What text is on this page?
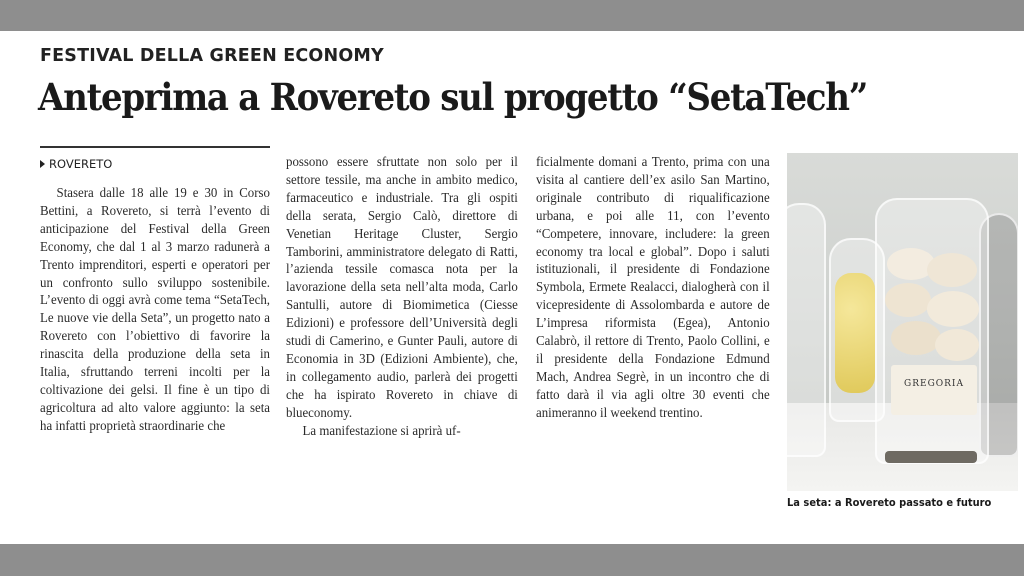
FESTIVAL DELLA GREEN ECONOMY
Anteprima a Rovereto sul progetto “SetaTech”
ROVERETO

Stasera dalle 18 alle 19 e 30 in Corso Bettini, a Rovereto, si terrà l’evento di anticipazione del Festival della Green Economy, che dal 1 al 3 marzo radunerà a Trento imprenditori, esperti e operatori per un confronto sullo sviluppo sostenibile. L’evento di oggi avrà come tema “SetaTech, Le nuove vie della Seta”, un progetto nato a Rovereto con l’obiettivo di favorire la rinascita della produzione della seta in Italia, sfruttando terreni incolti per la coltivazione dei gelsi. Il fine è un tipo di agricoltura ad alto valore aggiunto: la seta ha infatti proprietà straordinarie che

possono essere sfruttate non solo per il settore tessile, ma anche in ambito medico, farmaceutico e industriale. Tra gli ospiti della serata, Sergio Calò, direttore di Venetian Heritage Cluster, Sergio Tamborini, amministratore delegato di Ratti, l’azienda tessile comasca nota per la lavorazione della seta nell’alta moda, Carlo Santulli, autore di Biomimetica (Ciesse Edizioni) e professore dell’Università degli studi di Camerino, e Gunter Pauli, autore di Economia in 3D (Edizioni Ambiente), che, in collegamento audio, parlerà dei progetti che ha ispirato Rovereto in chiave di blueconomy.

La manifestazione si aprirà uf-

ficialmente domani a Trento, prima con una visita al cantiere dell’ex asilo San Martino, originale contributo di riqualificazione urbana, e poi alle 11, con l’evento “Competere, innovare, includere: la green economy tra local e global”. Dopo i saluti istituzionali, il presidente di Fondazione Symbola, Ermete Realacci, dialogherà con il vicepresidente di Assolombarda e autore de L’impresa riformista (Egea), Antonio Calabrò, il rettore di Trento, Paolo Collini, e il presidente della Fondazione Edmund Mach, Andrea Segrè, in un incontro che di fatto darà il via agli oltre 30 eventi che animeranno il weekend trentino.

GREGORIA
La seta: a Rovereto passato e futuro
